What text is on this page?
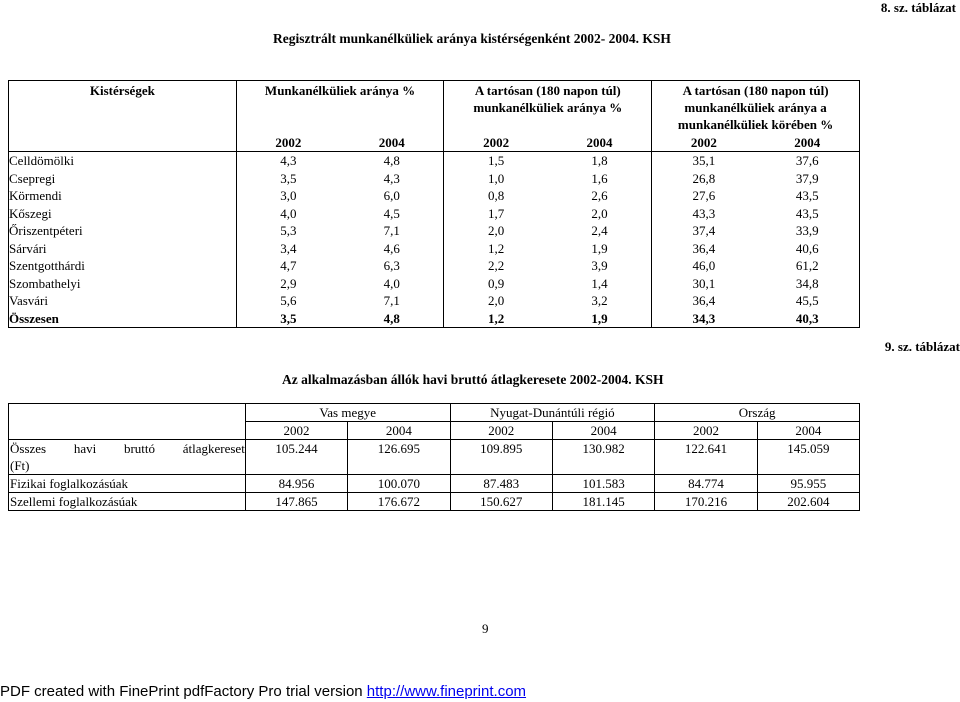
8. sz. táblázat
Regisztrált munkanélküliek aránya kistérségenként 2002- 2004. KSH
Kistérségek	Munkanélküliek aránya %		A tartósan (180 napon túl) munkanélküliek aránya %		A tartósan (180 napon túl) munkanélküliek aránya a munkanélküliek körében %	
	2002	2004	2002	2004	2002	2004
Celldömölki	4,3	4,8	1,5	1,8	35,1	37,6
Csepregi	3,5	4,3	1,0	1,6	26,8	37,9
Körmendi	3,0	6,0	0,8	2,6	27,6	43,5
Kőszegi	4,0	4,5	1,7	2,0	43,3	43,5
Őriszentpéteri	5,3	7,1	2,0	2,4	37,4	33,9
Sárvári	3,4	4,6	1,2	1,9	36,4	40,6
Szentgotthárdi	4,7	6,3	2,2	3,9	46,0	61,2
Szombathelyi	2,9	4,0	0,9	1,4	30,1	34,8
Vasvári	5,6	7,1	2,0	3,2	36,4	45,5
Összesen	3,5	4,8	1,2	1,9	34,3	40,3
9. sz. táblázat
Az alkalmazásban állók havi bruttó átlagkeresete 2002-2004. KSH
	Vas megye		Nyugat-Dunántúli régió		Ország	
	2002	2004	2002	2004	2002	2004
Összes havi bruttó átlagkereset
(Ft)	105.244	126.695	109.895	130.982	122.641	145.059
Fizikai foglalkozásúak	84.956	100.070	87.483	101.583	84.774	95.955
Szellemi foglalkozásúak	147.865	176.672	150.627	181.145	170.216	202.604
9
PDF created with FinePrint pdfFactory Pro trial version http://www.fineprint.com
